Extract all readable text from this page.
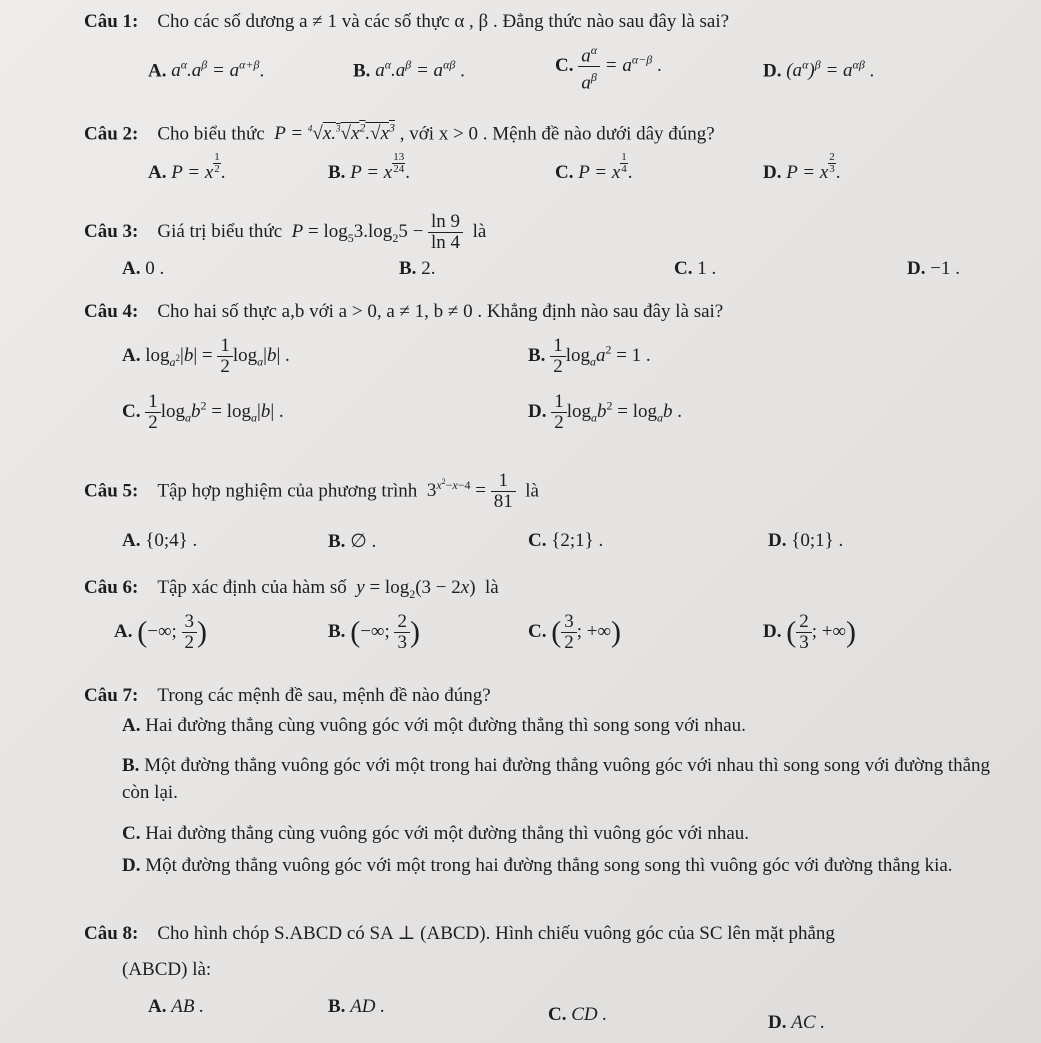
Câu 1: Cho các số dương a ≠ 1 và các số thực α , β . Đẳng thức nào sau đây là sai?
A. $a^\alpha.a^\beta = a^{\alpha+\beta}$.	B. $a^\alpha.a^\beta = a^{\alpha\beta}$ .	C. $\frac{a^\alpha}{a^\beta} = a^{\alpha-\beta}$ .	D. $(a^\alpha)^\beta = a^{\alpha\beta}$ .
Câu 2: Cho biểu thức  $P = ^4√x.^3√x^2.√x^3$ , với x > 0 . Mệnh đề nào dưới dây đúng?
A. P = x $\frac{1}{2}$ .	B. P = x $\frac{13}{24}$ .	C. P = x $\frac{1}{4}$ .	D. P = x $\frac{2}{3}$ .
Câu 3: Giá trị biểu thức $P = \log_53.\log_25 - \frac{\ln 9}{\ln 4}$ là
A. 0 .	B. 2.	C. 1 .	D. −1 .
Câu 4: Cho hai số thực a,b với a > 0, a ≠ 1, b ≠ 0 . Khẳng định nào sau đây là sai?
A. $\log_{a^2}|b| = \frac{1}{2} \log_a|b|$ .	B. $\frac{1}{2} \log_aa^2 = 1$ .
C. $\frac{1}{2} \log_ab^2 = \log_a|b|$ .	D. $\frac{1}{2} \log_ab^2 = \log_ab$ .
Câu 5: Tập hợp nghiệm của phương trình  $3^{x^2-x-4} = \frac{1}{81}$ là
A. {0;4} .	B. ∅ .	C. {2;1} .	D. {0;1} .
Câu 6: Tập xác định của hàm số $y = \log_2(3 - 2x)$ là
A. (−∞; $\frac{3}{2}$ )	B. (−∞; $\frac{2}{3}$ )	C. ( $\frac{3}{2}$ ; +∞)	D. ( $\frac{2}{3}$ ; +∞)
Câu 7: Trong các mệnh đề sau, mệnh đề nào đúng?
A. Hai đường thẳng cùng vuông góc với một đường thẳng thì song song với nhau.
B. Một đường thẳng vuông góc với một trong hai đường thẳng vuông góc với nhau thì song song với đường thẳng còn lại.
C. Hai đường thẳng cùng vuông góc với một đường thẳng thì vuông góc với nhau.
D. Một đường thẳng vuông góc với một trong hai đường thẳng song song thì vuông góc với đường thẳng kia.
Câu 8: Cho hình chóp S.ABCD có SA ⊥ (ABCD). Hình chiếu vuông góc của SC lên mặt phẳng
(ABCD) là:
A. AB .	B. AD .	C. CD .	D. AC .
